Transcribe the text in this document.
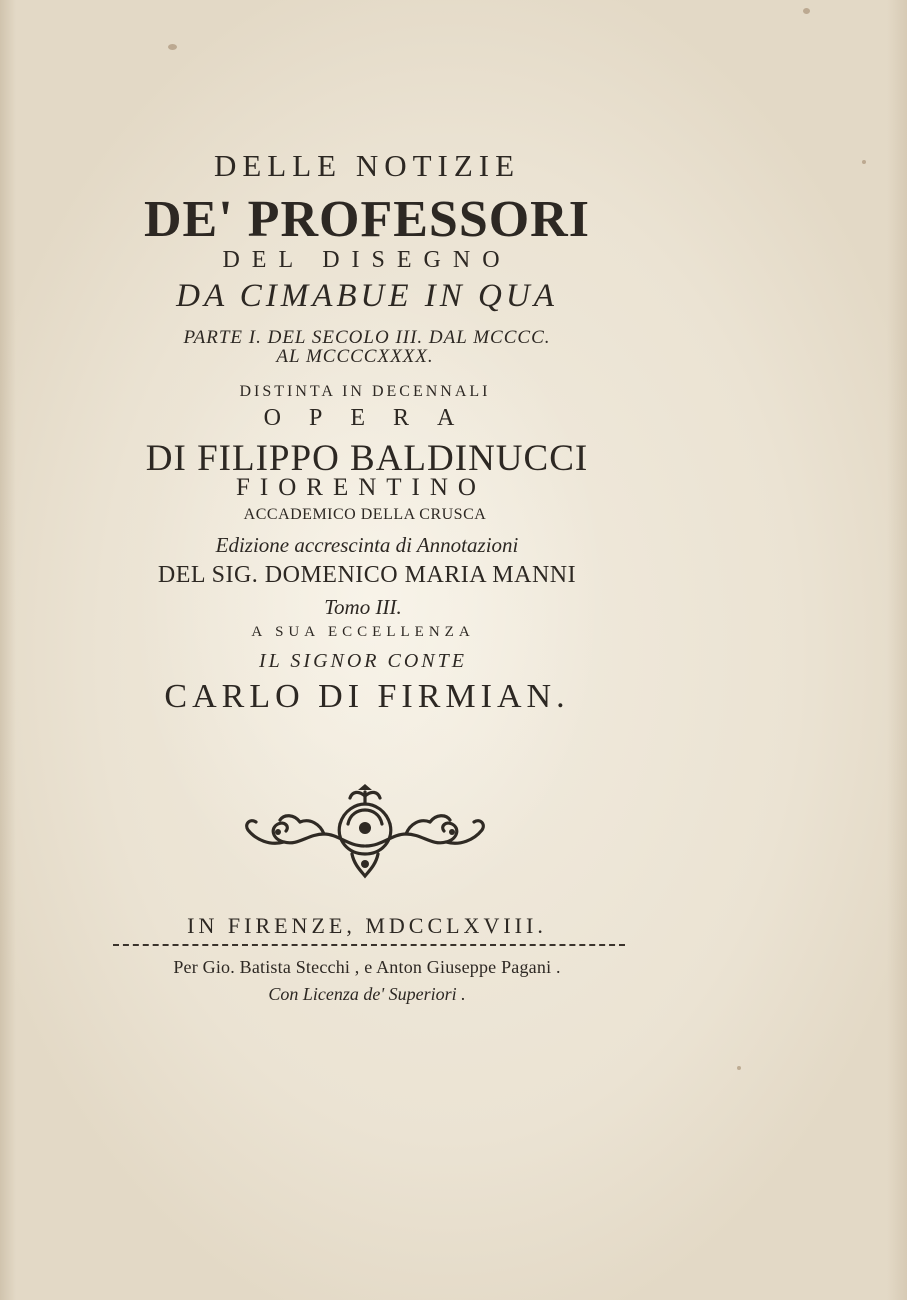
DELLE NOTIZIE
DE' PROFESSORI
DEL DISEGNO
DA CIMABUE IN QUA
PARTE I. DEL SECOLO III. DAL MCCCC.
AL MCCCCXXXX.
DISTINTA IN DECENNALI
OPERA
DI FILIPPO BALDINUCCI
FIORENTINO
ACCADEMICO DELLA CRUSCA
Edizione accrescinta di Annotazioni
DEL SIG. DOMENICO MARIA MANNI
Tomo III.
A SUA ECCELLENZA
IL SIGNOR CONTE
CARLO DI FIRMIAN.
IN FIRENZE, MDCCLXVIII.
Per Gio. Batista Stecchi , e Anton Giuseppe Pagani .
Con Licenza de' Superiori .
